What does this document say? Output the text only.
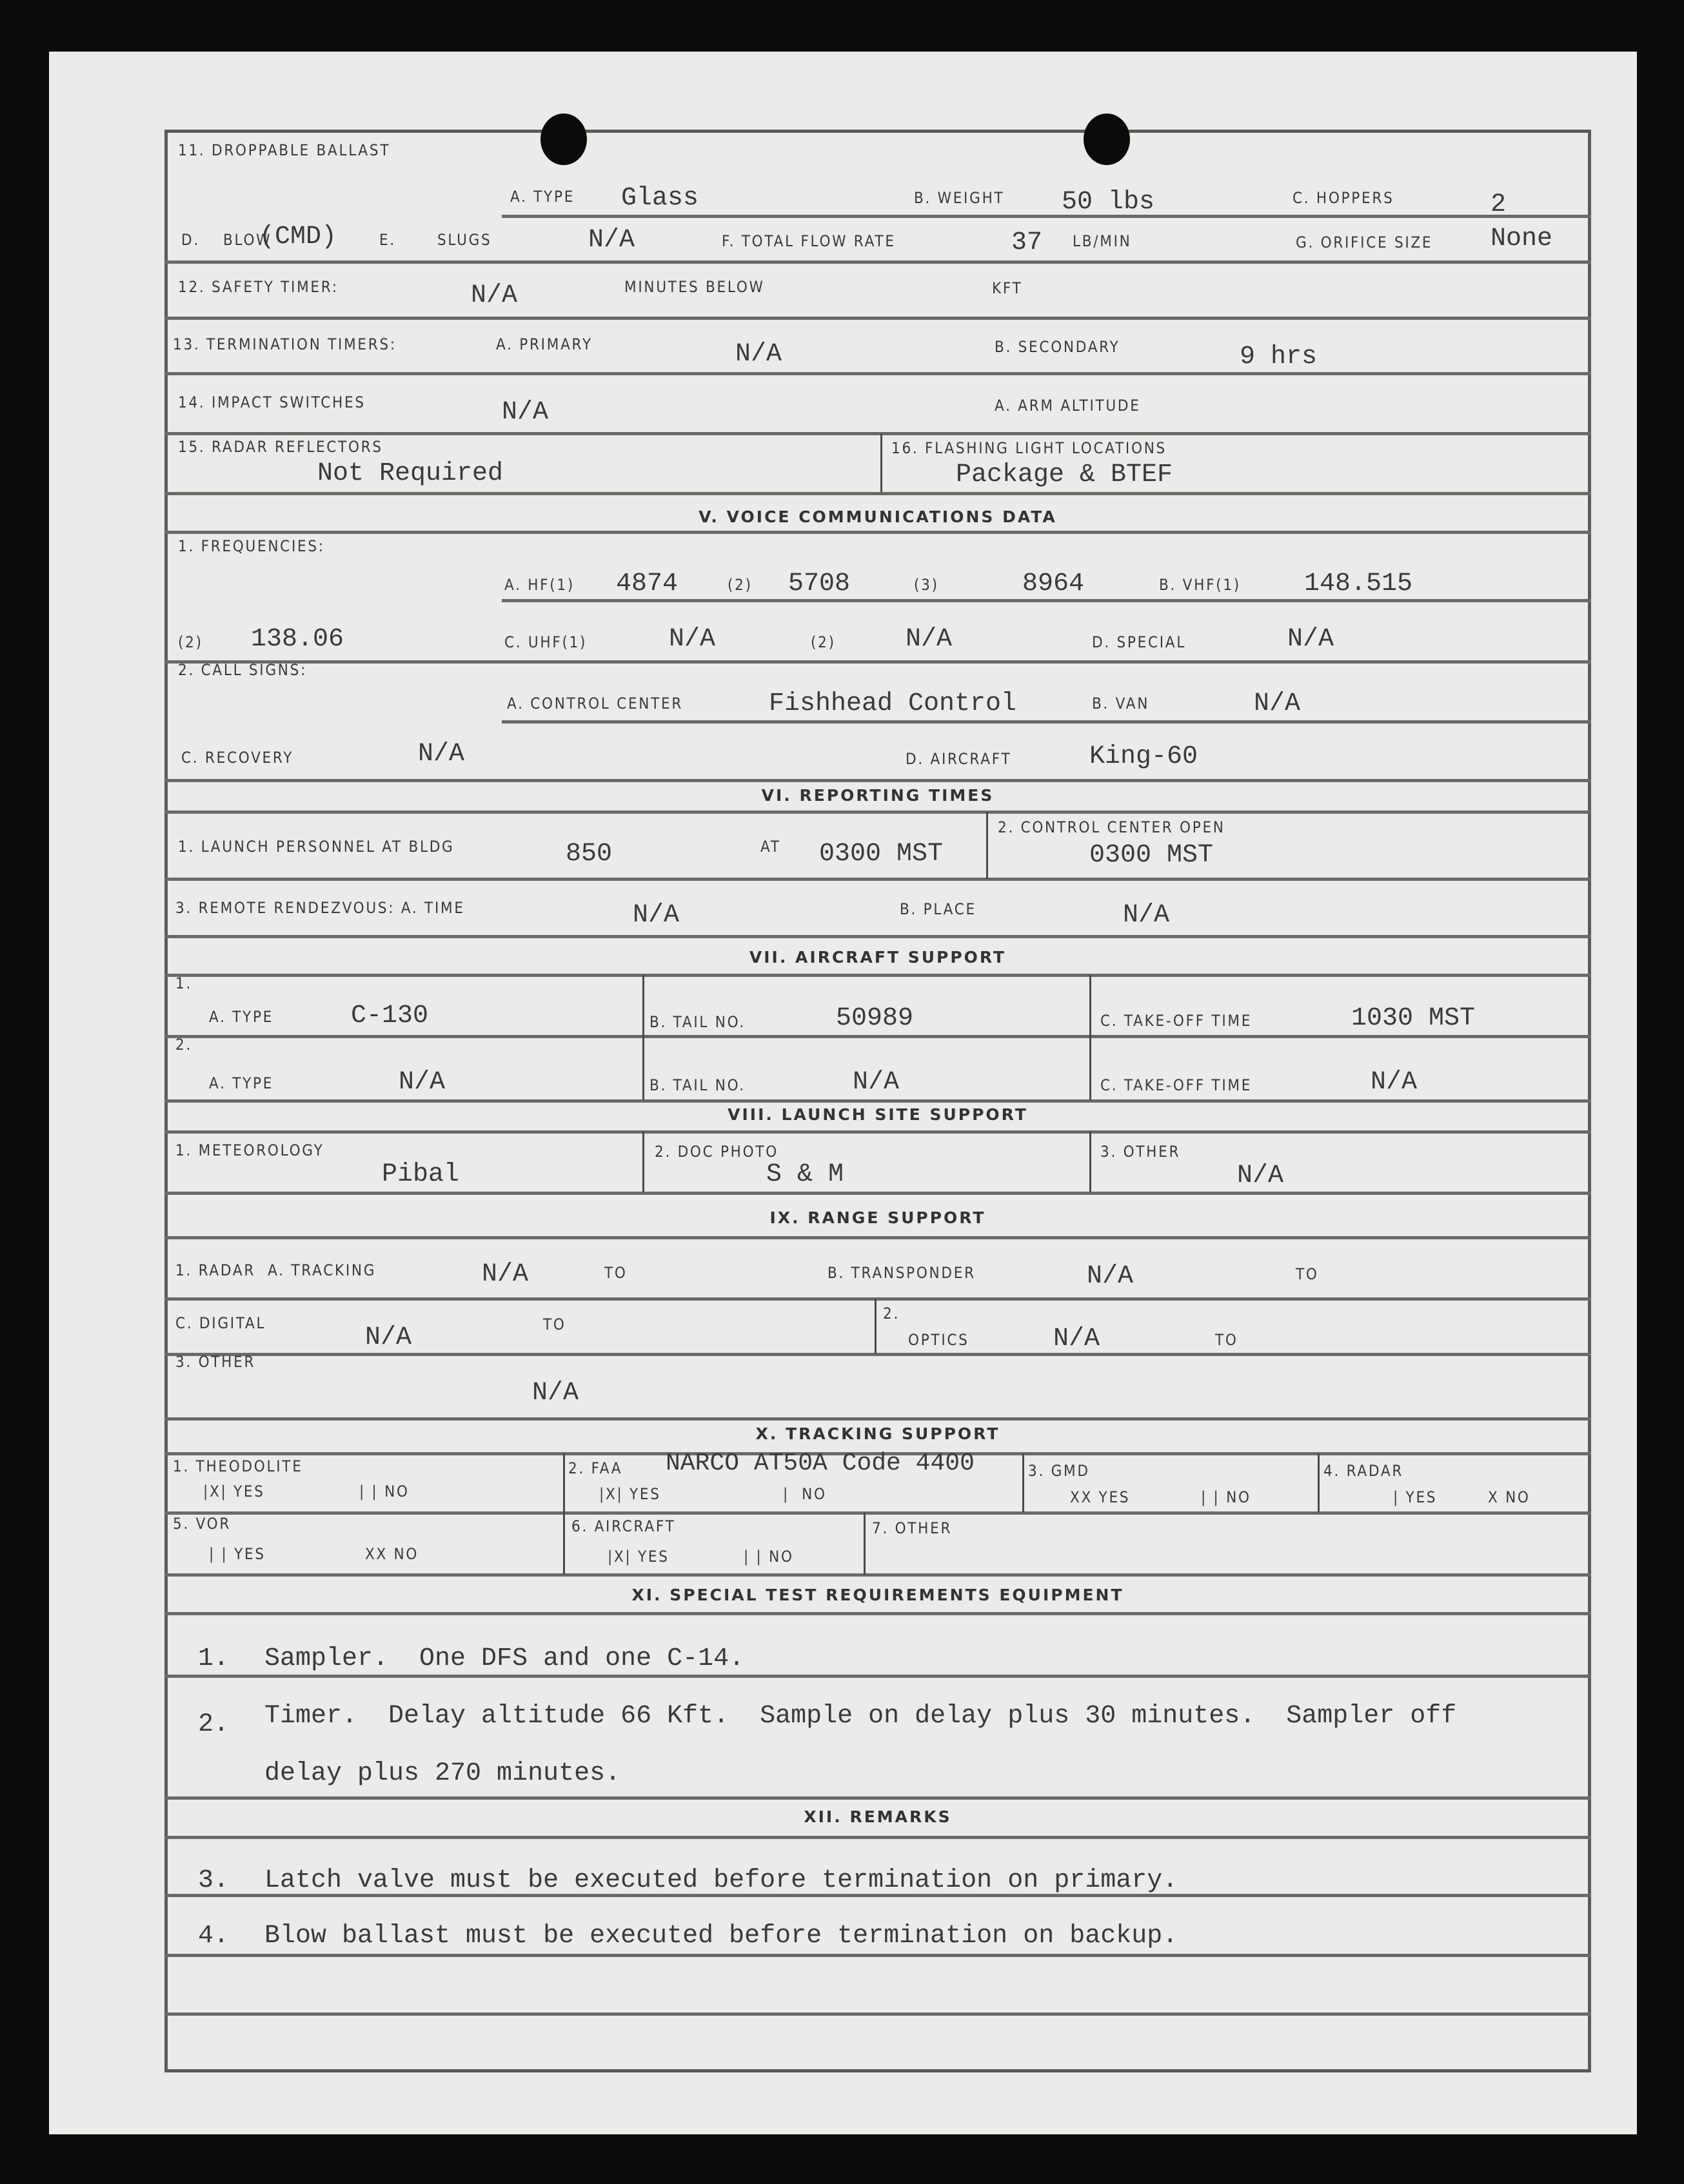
11. DROPPABLE BALLAST
A. TYPE Glass	B. WEIGHT 50 lbs	C. HOPPERS	2
D. BLOW
(CMD)	E.	SLUGS	N/A	F. TOTAL FLOW RATE	37 LB/MIN	G. ORIFICE SIZE None
12. SAFETY TIMER:	N/A	MINUTES BELOW	KFT
13. TERMINATION TIMERS:	A. PRIMARY	N/A	B. SECONDARY	9 hrs
14. IMPACT SWITCHES	N/A	A. ARM ALTITUDE
15. RADAR REFLECTORS
Not Required
16. FLASHING LIGHT LOCATIONS
Package & BTEF
V. VOICE COMMUNICATIONS DATA
1. FREQUENCIES:
A. HF(1) 4874	(2) 5708	(3)	8964	B. VHF(1) 148.515
(2) 138.06	C. UHF(1)	N/A	(2)	N/A	D. SPECIAL	N/A
2. CALL SIGNS:
A. CONTROL CENTER	Fishhead Control	B. VAN	N/A
C. RECOVERY	N/A	D. AIRCRAFT	King-60
VI. REPORTING TIMES
1. LAUNCH PERSONNEL AT BLDG	850	AT 0300 MST
2. CONTROL CENTER OPEN
0300 MST
3. REMOTE RENDEZVOUS: A. TIME	N/A	B. PLACE	N/A
VII. AIRCRAFT SUPPORT
1.
A. TYPE	C-130	B. TAIL NO.	50989	C. TAKE-OFF TIME	1030 MST
2.
A. TYPE	N/A	B. TAIL NO.	N/A	C. TAKE-OFF TIME	N/A
VIII. LAUNCH SITE SUPPORT
1. METEOROLOGY
Pibal
2. DOC PHOTO
S & M
3. OTHER
N/A
IX. RANGE SUPPORT
1. RADAR  A. TRACKING	N/A	TO	B. TRANSPONDER	N/A	TO
C. DIGITAL	N/A	TO
2.
OPTICS	N/A	TO
3. OTHER
N/A
X. TRACKING SUPPORT
1. THEODOLITE
|X| YES	| | NO
2. FAA NARCO AT50A Code 4400
|X| YES	|  NO
3. GMD
XX YES	| | NO
4. RADAR
| YES	X NO
5. VOR
| | YES	XX NO
6. AIRCRAFT
|X| YES	| | NO
7. OTHER
XI. SPECIAL TEST REQUIREMENTS EQUIPMENT
1. Sampler.  One DFS and one C-14.
2. Timer.  Delay altitude 66 Kft.  Sample on delay plus 30 minutes.  Sampler off
delay plus 270 minutes.
XII. REMARKS
3. Latch valve must be executed before termination on primary.
4. Blow ballast must be executed before termination on backup.
